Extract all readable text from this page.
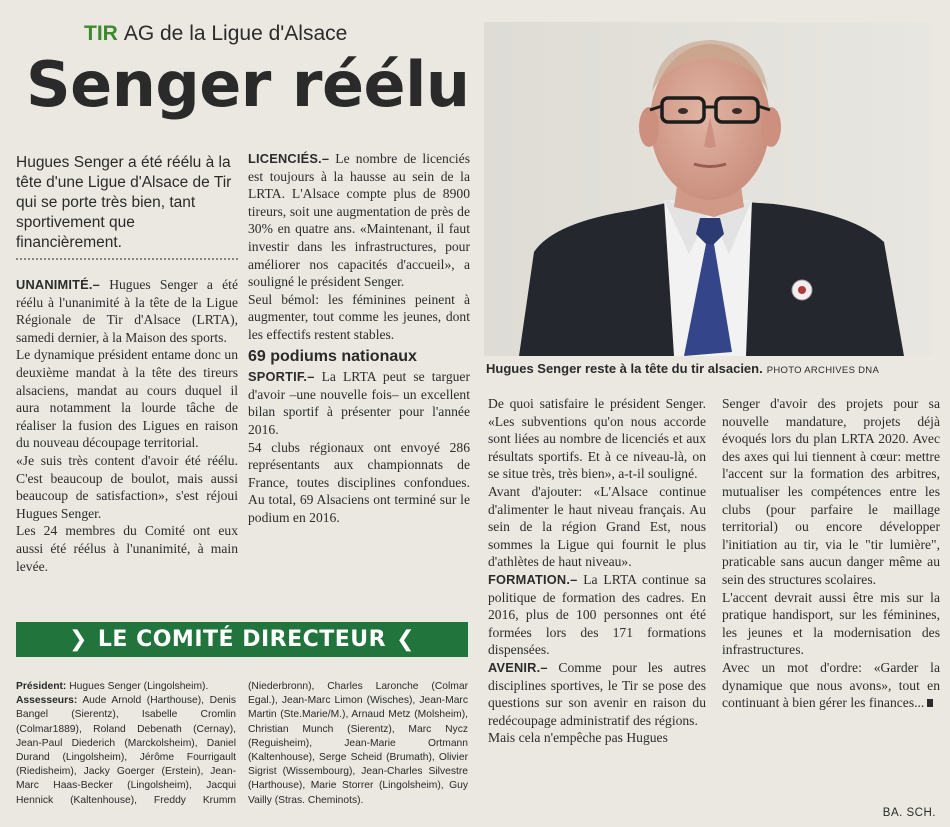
TIR AG de la Ligue d'Alsace
Senger réélu
Hugues Senger a été réélu à la tête d'une Ligue d'Alsace de Tir qui se porte très bien, tant sportivement que financièrement.

UNANIMITÉ.– Hugues Senger a été réélu à l'unanimité à la tête de la Ligue Régionale de Tir d'Alsace (LRTA), samedi dernier, à la Maison des sports.

Le dynamique président entame donc un deuxième mandat à la tête des tireurs alsaciens, mandat au cours duquel il aura notamment la lourde tâche de réaliser la fusion des Ligues en raison du nouveau découpage territorial.

«Je suis très content d'avoir été réélu. C'est beaucoup de boulot, mais aussi beaucoup de satisfaction», s'est réjoui Hugues Senger.

Les 24 membres du Comité ont eux aussi été réélus à l'unanimité, à main levée.

LICENCIÉS.– Le nombre de licenciés est toujours à la hausse au sein de la LRTA. L'Alsace compte plus de 8900 tireurs, soit une augmentation de près de 30% en quatre ans. «Maintenant, il faut investir dans les infrastructures, pour améliorer nos capacités d'accueil», a souligné le président Senger.

Seul bémol: les féminines peinent à augmenter, tout comme les jeunes, dont les effectifs restent stables.

69 podiums nationaux

SPORTIF.– La LRTA peut se targuer d'avoir –une nouvelle fois– un excellent bilan sportif à présenter pour l'année 2016.

54 clubs régionaux ont envoyé 286 représentants aux championnats de France, toutes disciplines confondues. Au total, 69 Alsaciens ont terminé sur le podium en 2016.

Hugues Senger reste à la tête du tir alsacien. PHOTO ARCHIVES DNA

De quoi satisfaire le président Senger. «Les subventions qu'on nous accorde sont liées au nombre de licenciés et aux résultats sportifs. Et à ce niveau-là, on se situe très, très bien», a-t-il souligné.

Avant d'ajouter: «L'Alsace continue d'alimenter le haut niveau français. Au sein de la région Grand Est, nous sommes la Ligue qui fournit le plus d'athlètes de haut niveau».

FORMATION.– La LRTA continue sa politique de formation des cadres. En 2016, plus de 100 personnes ont été formées lors des 171 formations dispensées.

AVENIR.– Comme pour les autres disciplines sportives, le Tir se pose des questions sur son avenir en raison du redécoupage administratif des régions.

Mais cela n'empêche pas Hugues

Senger d'avoir des projets pour sa nouvelle mandature, projets déjà évoqués lors du plan LRTA 2020. Avec des axes qui lui tiennent à cœur: mettre l'accent sur la formation des arbitres, mutualiser les compétences entre les clubs (pour parfaire le maillage territorial) ou encore développer l'initiation au tir, via le "tir lumière", praticable sans aucun danger même au sein des structures scolaires.

L'accent devrait aussi être mis sur la pratique handisport, sur les féminines, les jeunes et la modernisation des infrastructures.

Avec un mot d'ordre: «Garder la dynamique que nous avons», tout en continuant à bien gérer les finances...

❯ LE COMITÉ DIRECTEUR ❮
Président: Hugues Senger (Lingolsheim).
Assesseurs: Aude Arnold (Harthouse), Denis Bangel (Sierentz), Isabelle Cromlin (Colmar1889), Roland Debenath (Cernay), Jean-Paul Diederich (Marckolsheim), Daniel Durand (Lingolsheim), Jérôme Fourrigault (Riedisheim), Jacky Goerger (Erstein), Jean-Marc Haas-Becker (Lingolsheim), Jacqui Hennick (Kaltenhouse), Freddy Krumm (Niederbronn), Charles Laronche (Colmar Egal.), Jean-Marc Limon (Wisches), Jean-Marc Martin (Ste.Marie/M.), Arnaud Metz (Molsheim), Christian Munch (Sierentz), Marc Nycz (Reguisheim), Jean-Marie Ortmann (Kaltenhouse), Serge Scheid (Brumath), Olivier Sigrist (Wissembourg), Jean-Charles Silvestre (Harthouse), Marie Storrer (Lingolsheim), Guy Vailly (Stras. Cheminots).
BA. SCH.
